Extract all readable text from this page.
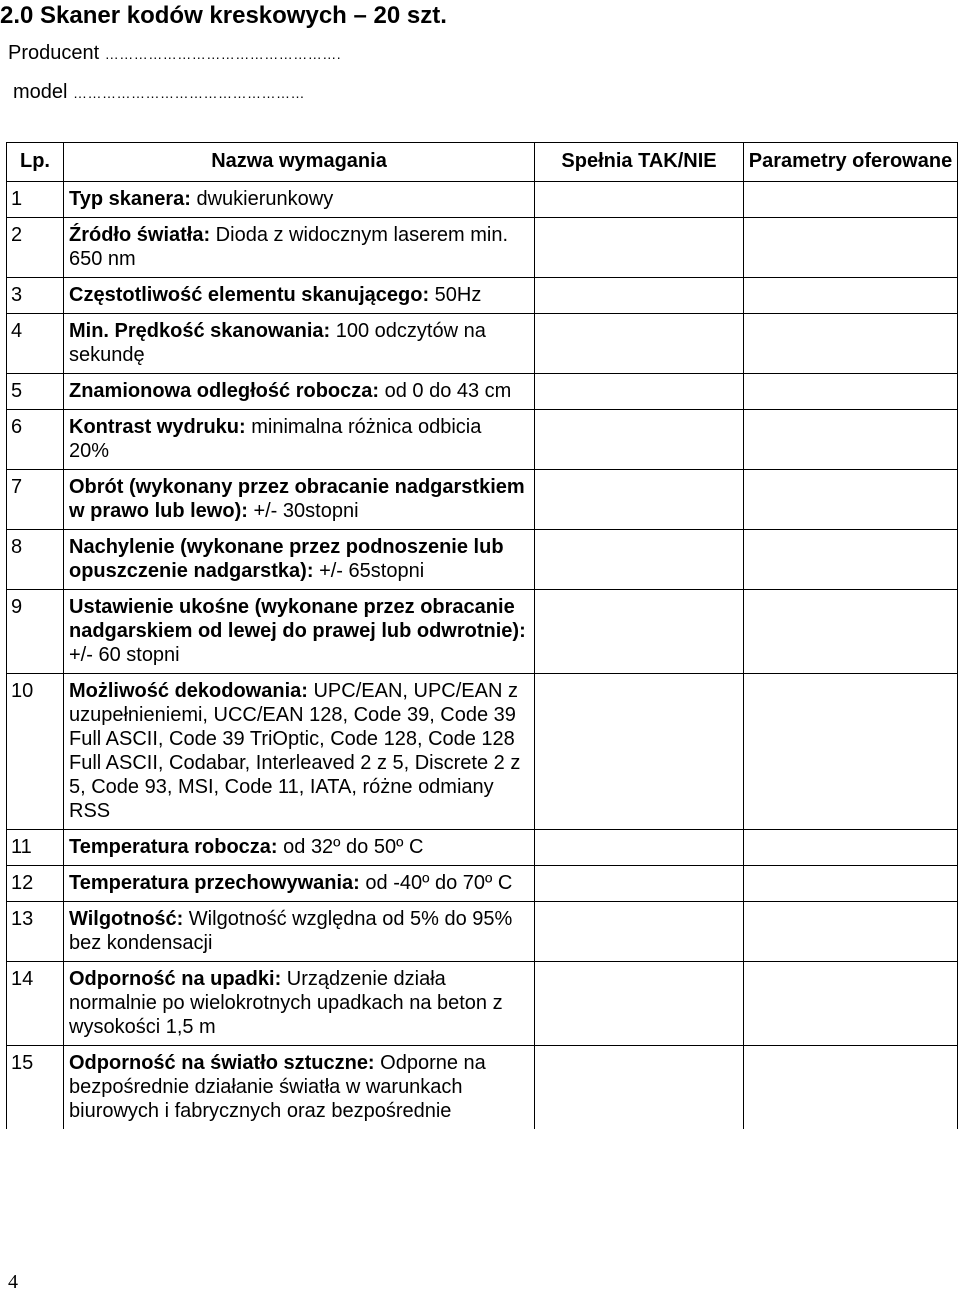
2.0 Skaner kodów kreskowych – 20 szt.
Producent ………………………………………….
model …………………………………………
Lp.	Nazwa wymagania	Spełnia TAK/NIE	Parametry oferowane
1	Typ skanera: dwukierunkowy		
2	Źródło światła: Dioda z widocznym laserem min. 650 nm		
3	Częstotliwość elementu skanującego: 50Hz		
4	Min. Prędkość skanowania: 100 odczytów na sekundę		
5	Znamionowa odległość robocza: od 0 do 43 cm		
6	Kontrast wydruku: minimalna różnica odbicia 20%		
7	Obrót (wykonany przez obracanie nadgarstkiem w prawo lub lewo): +/- 30stopni		
8	Nachylenie (wykonane przez podnoszenie lub opuszczenie nadgarstka): +/- 65stopni		
9	Ustawienie ukośne (wykonane przez obracanie nadgarskiem od lewej do prawej lub odwrotnie): +/- 60 stopni		
10	Możliwość dekodowania: UPC/EAN, UPC/EAN z uzupełnieniemi, UCC/EAN 128, Code 39, Code 39 Full ASCII, Code 39 TriOptic, Code 128, Code 128 Full ASCII, Codabar, Interleaved 2 z 5, Discrete 2 z 5, Code 93, MSI, Code 11, IATA, różne odmiany RSS		
11	Temperatura robocza: od 32º do 50º C		
12	Temperatura przechowywania: od -40º do 70º C		
13	Wilgotność: Wilgotność względna od 5% do 95% bez kondensacji		
14	Odporność na upadki: Urządzenie działa normalnie po wielokrotnych upadkach na beton z wysokości 1,5 m		
15	Odporność na światło sztuczne: Odporne na bezpośrednie działanie światła w warunkach biurowych i fabrycznych oraz bezpośrednie		
4
